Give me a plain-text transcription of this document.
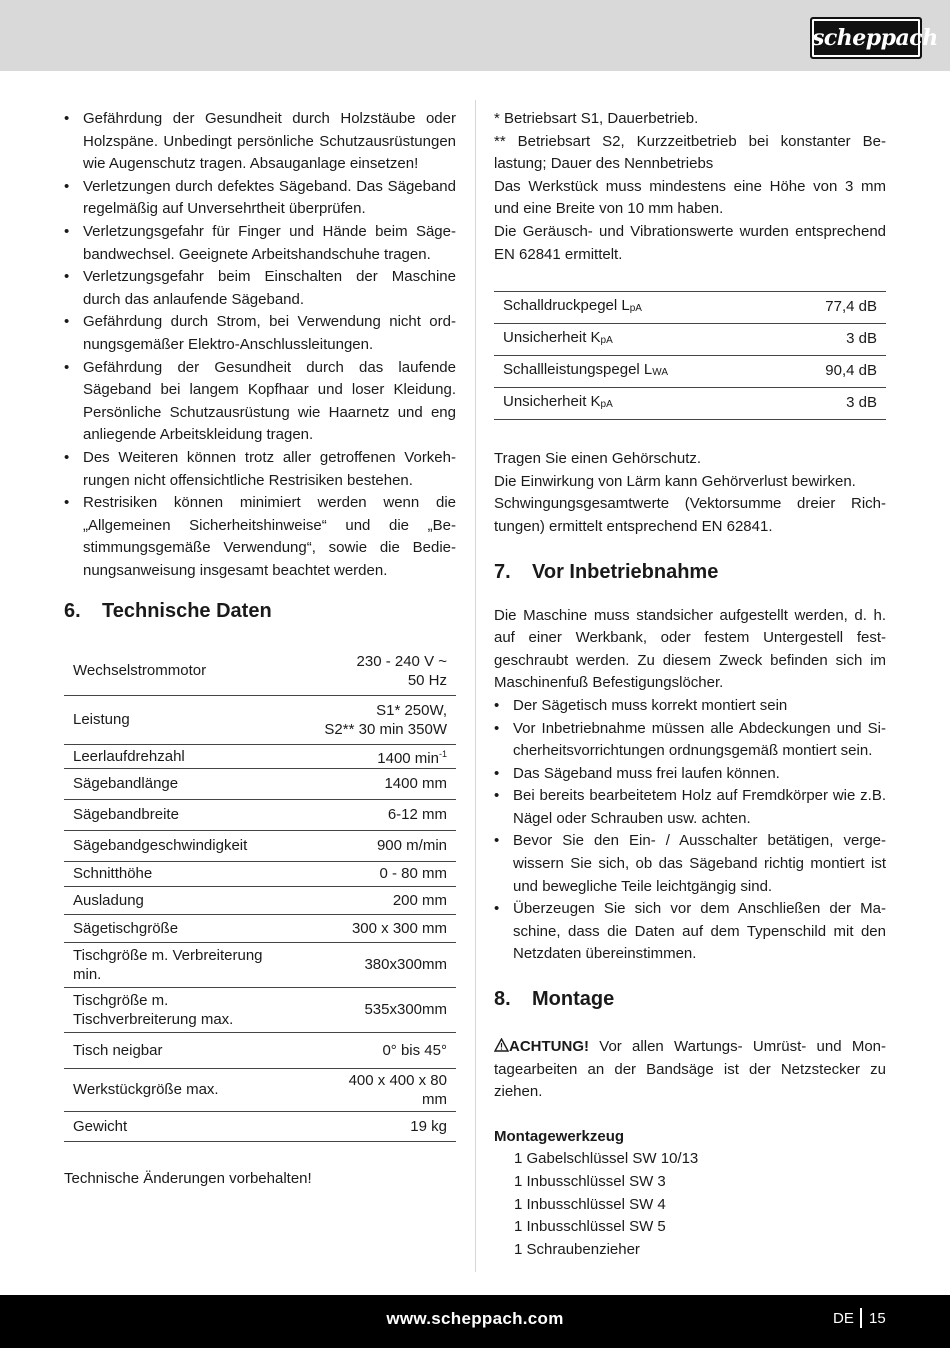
scheppach
• Gefährdung der Gesundheit durch Holzstäube oder Holzspäne. Unbedingt persönliche Schutzausrüstungen wie Augenschutz tragen. Absauganlage einsetzen!
• Verletzungen durch defektes Sägeband. Das Sägeband regelmäßig auf Unversehrtheit überprüfen.
• Verletzungsgefahr für Finger und Hände beim Sägebandwechsel. Geeignete Arbeitshandschuhe tragen.
• Verletzungsgefahr beim Einschalten der Maschine durch das anlaufende Sägeband.
• Gefährdung durch Strom, bei Verwendung nicht ordnungsgemäßer Elektro-Anschlussleitungen.
• Gefährdung der Gesundheit durch das laufende Sägeband bei langem Kopfhaar und loser Kleidung. Persönliche Schutzausrüstung wie Haarnetz und eng anliegende Arbeitskleidung tragen.
• Des Weiteren können trotz aller getroffenen Vorkehrungen nicht offensichtliche Restrisiken bestehen.
• Restrisiken können minimiert werden wenn die „Allgemeinen Sicherheitshinweise“ und die „Bestimmungsgemäße Verwendung“, sowie die Bedienungsanweisung insgesamt beachtet werden.
6. Technische Daten
Wechselstrommotor	230 - 240 V ~
50 Hz
Leistung	S1* 250W,
S2** 30 min 350W
Leerlaufdrehzahl	1400 $\min^{-1}$
Sägebandlänge	1400 mm
Sägebandbreite	6-12 mm
Sägebandgeschwindigkeit	900 m/min
Schnitthöhe	0 - 80 mm
Ausladung	200 mm
Sägetischgröße	300 x 300 mm
Tischgröße m. Verbreiterung
min.	380x300mm
Tischgröße m.
Tischverbreiterung max.	535x300mm
Tisch neigbar	0° bis 45°
Werkstückgröße max.	400 x 400 x 80
mm
Gewicht	19 kg

Technische Änderungen vorbehalten!

* Betriebsart S1, Dauerbetrieb.

** Betriebsart S2, Kurzzeitbetrieb bei konstanter Belastung; Dauer des Nennbetriebs

Das Werkstück muss mindestens eine Höhe von 3 mm und eine Breite von 10 mm haben.

Die Geräusch- und Vibrationswerte wurden entsprechend EN 62841 ermittelt.

Schalldruckpegel LpA	77,4 dB
Unsicherheit KpA	3 dB
Schallleistungspegel LWA	90,4 dB
Unsicherheit KpA	3 dB

Tragen Sie einen Gehörschutz.

Die Einwirkung von Lärm kann Gehörverlust bewirken.

Schwingungsgesamtwerte (Vektorsumme dreier Richtungen) ermittelt entsprechend EN 62841.

7. Vor Inbetriebnahme

Die Maschine muss standsicher aufgestellt werden, d. h. auf einer Werkbank, oder festem Untergestell festgeschraubt werden. Zu diesem Zweck befinden sich im Maschinenfuß Befestigungslöcher.

• Der Sägetisch muss korrekt montiert sein
• Vor Inbetriebnahme müssen alle Abdeckungen und Sicherheitsvorrichtungen ordnungsgemäß montiert sein.
• Das Sägeband muss frei laufen können.
• Bei bereits bearbeitetem Holz auf Fremdkörper wie z.B. Nägel oder Schrauben usw. achten.
• Bevor Sie den Ein- / Ausschalter betätigen, vergewissern Sie sich, ob das Sägeband richtig montiert ist und bewegliche Teile leichtgängig sind.
• Überzeugen Sie sich vor dem Anschließen der Maschine, dass die Daten auf dem Typenschild mit den Netzdaten übereinstimmen.
8. Montage

ACHTUNG! Vor allen Wartungs- Umrüst- und Montagearbeiten an der Bandsäge ist der Netzstecker zu ziehen.

Montagewerkzeug

1 Gabelschlüssel SW 10/13

1 Inbusschlüssel SW 3

1 Inbusschlüssel SW 4

1 Inbusschlüssel SW 5

1 Schraubenzieher

www.scheppach.com	DE 15
